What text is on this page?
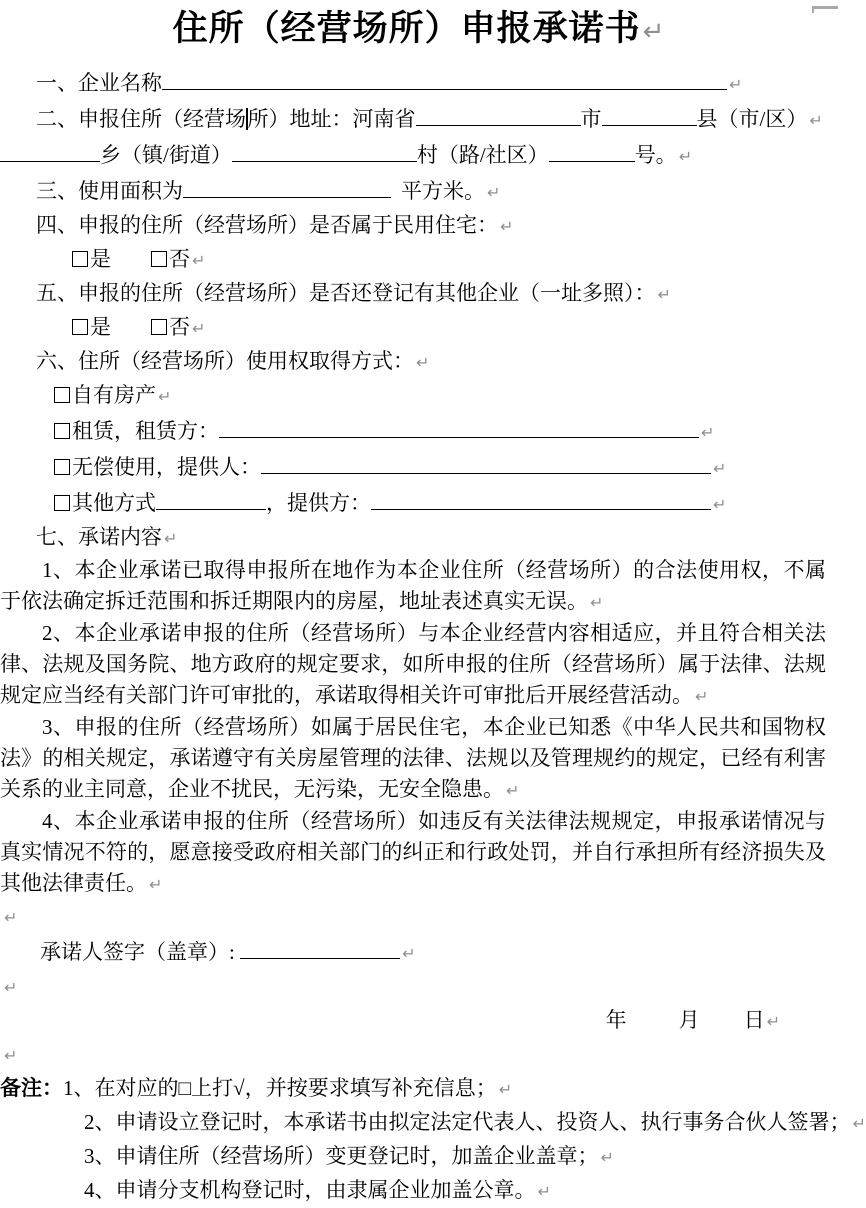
住所（经营场所）申报承诺书↵
一、企业名称	↵
二、申报住所（经营场所）地址：河南省	市	县（市/区） ↵
乡（镇/街道）	村（路/社区）	号。 ↵
三、使用面积为	平方米。 ↵
四、申报的住所（经营场所）是否属于民用住宅： ↵
是	否 ↵
五、申报的住所（经营场所）是否还登记有其他企业（一址多照）： ↵
是	否 ↵
六、住所（经营场所）使用权取得方式： ↵
自有房产 ↵
租赁，租赁方：	↵
无偿使用，提供人：	↵
其他方式	，提供方：	↵
七、承诺内容 ↵

1、本企业承诺已取得申报所在地作为本企业住所（经营场所）的合法使用权，不属于依法确定拆迁范围和拆迁期限内的房屋，地址表述真实无误。 ↵

2、本企业承诺申报的住所（经营场所）与本企业经营内容相适应，并且符合相关法律、法规及国务院、地方政府的规定要求，如所申报的住所（经营场所）属于法律、法规规定应当经有关部门许可审批的，承诺取得相关许可审批后开展经营活动。 ↵

3、申报的住所（经营场所）如属于居民住宅，本企业已知悉《中华人民共和国物权法》的相关规定，承诺遵守有关房屋管理的法律、法规以及管理规约的规定，已经有利害关系的业主同意，企业不扰民，无污染，无安全隐患。 ↵

4、本企业承诺申报的住所（经营场所）如违反有关法律法规规定，申报承诺情况与真实情况不符的，愿意接受政府相关部门的纠正和行政处罚，并自行承担所有经济损失及其他法律责任。 ↵

↵
承诺人签字（盖章）:	↵
↵
年 月 日 ↵
↵
备注：1、在对应的□上打√，并按要求填写补充信息； ↵
2、申请设立登记时，本承诺书由拟定法定代表人、投资人、执行事务合伙人签署； ↵
3、申请住所（经营场所）变更登记时，加盖企业盖章； ↵
4、申请分支机构登记时，由隶属企业加盖公章。 ↵
